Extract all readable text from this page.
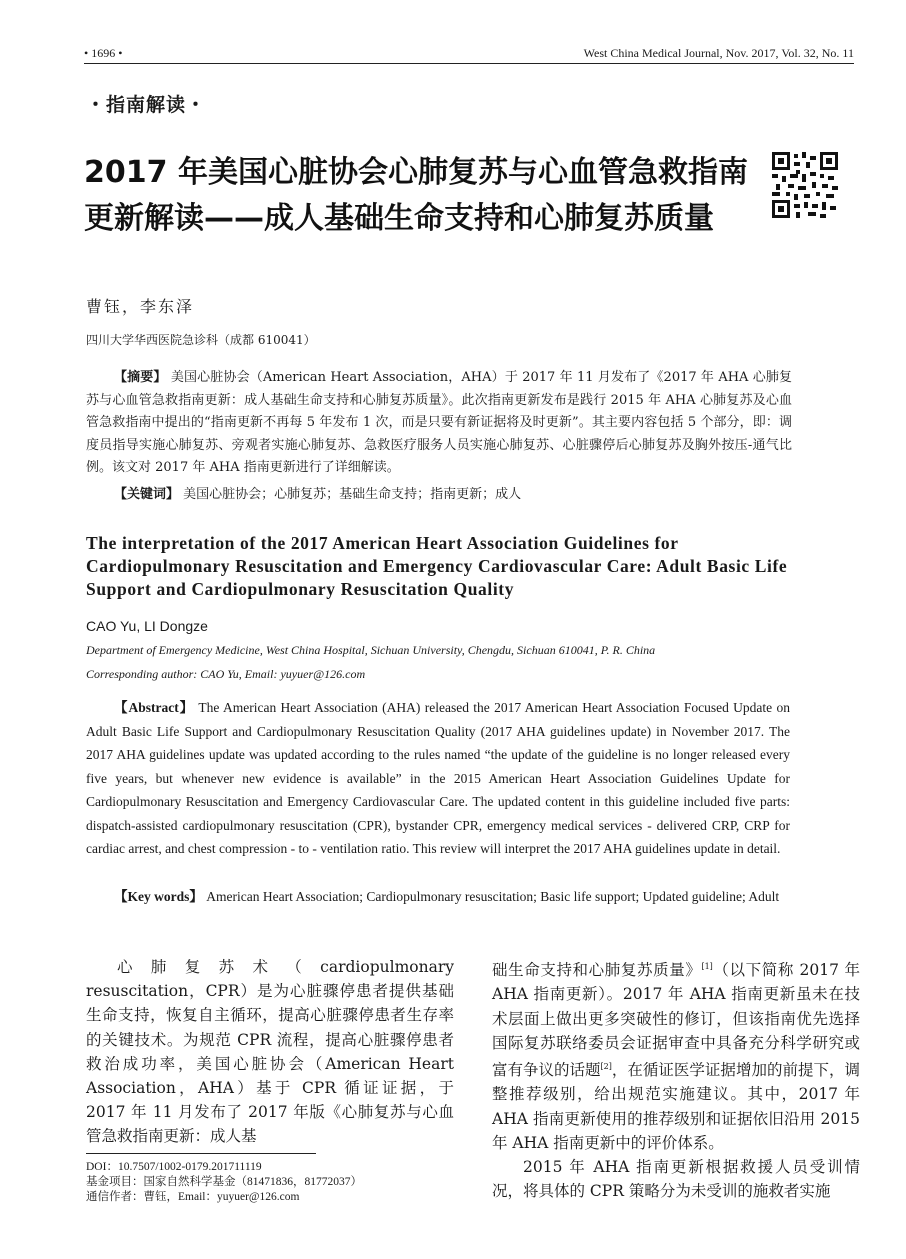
• 1696 •	West China Medical Journal, Nov. 2017, Vol. 32, No. 11
・指南解读・
2017 年美国心脏协会心肺复苏与心血管急救指南更新解读——成人基础生命支持和心肺复苏质量
曹钰，李东泽
四川大学华西医院急诊科（成都 610041）
【摘要】 美国心脏协会（American Heart Association，AHA）于 2017 年 11 月发布了《2017 年 AHA 心肺复苏与心血管急救指南更新：成人基础生命支持和心肺复苏质量》。此次指南更新发布是践行 2015 年 AHA 心肺复苏及心血管急救指南中提出的“指南更新不再每 5 年发布 1 次，而是只要有新证据将及时更新”。其主要内容包括 5 个部分，即：调度员指导实施心肺复苏、旁观者实施心肺复苏、急救医疗服务人员实施心肺复苏、心脏骤停后心肺复苏及胸外按压-通气比例。该文对 2017 年 AHA 指南更新进行了详细解读。
【关键词】 美国心脏协会；心肺复苏；基础生命支持；指南更新；成人
The interpretation of the 2017 American Heart Association Guidelines for Cardiopulmonary Resuscitation and Emergency Cardiovascular Care: Adult Basic Life Support and Cardiopulmonary Resuscitation Quality
CAO Yu, LI Dongze
Department of Emergency Medicine, West China Hospital, Sichuan University, Chengdu, Sichuan 610041, P. R. China
Corresponding author: CAO Yu, Email: yuyuer@126.com
【Abstract】 The American Heart Association (AHA) released the 2017 American Heart Association Focused Update on Adult Basic Life Support and Cardiopulmonary Resuscitation Quality (2017 AHA guidelines update) in November 2017. The 2017 AHA guidelines update was updated according to the rules named “the update of the guideline is no longer released every five years, but whenever new evidence is available” in the 2015 American Heart Association Guidelines Update for Cardiopulmonary Resuscitation and Emergency Cardiovascular Care. The updated content in this guideline included five parts: dispatch-assisted cardiopulmonary resuscitation (CPR), bystander CPR, emergency medical services - delivered CRP, CRP for cardiac arrest, and chest compression - to - ventilation ratio. This review will interpret the 2017 AHA guidelines update in detail.
【Key words】 American Heart Association; Cardiopulmonary resuscitation; Basic life support; Updated guideline; Adult
心肺复苏术（cardiopulmonary resuscitation，CPR）是为心脏骤停患者提供基础生命支持，恢复自主循环，提高心脏骤停患者生存率的关键技术。为规范 CPR 流程，提高心脏骤停患者救治成功率，美国心脏协会（American Heart Association，AHA）基于 CPR 循证证据，于 2017 年 11 月发布了 2017 年版《心肺复苏与心血管急救指南更新：成人基
础生命支持和心肺复苏质量》[1]（以下简称 2017 年 AHA 指南更新）。2017 年 AHA 指南更新虽未在技术层面上做出更多突破性的修订，但该指南优先选择国际复苏联络委员会证据审查中具备充分科学研究或富有争议的话题[2]，在循证医学证据增加的前提下，调整推荐级别，给出规范实施建议。其中，2017 年 AHA 指南更新使用的推荐级别和证据依旧沿用 2015 年 AHA 指南更新中的评价体系。
2015 年 AHA 指南更新根据救援人员受训情况，将具体的 CPR 策略分为未受训的施救者实施
DOI：10.7507/1002-0179.201711119
基金项目：国家自然科学基金（81471836，81772037）
通信作者：曹钰，Email：yuyuer@126.com
